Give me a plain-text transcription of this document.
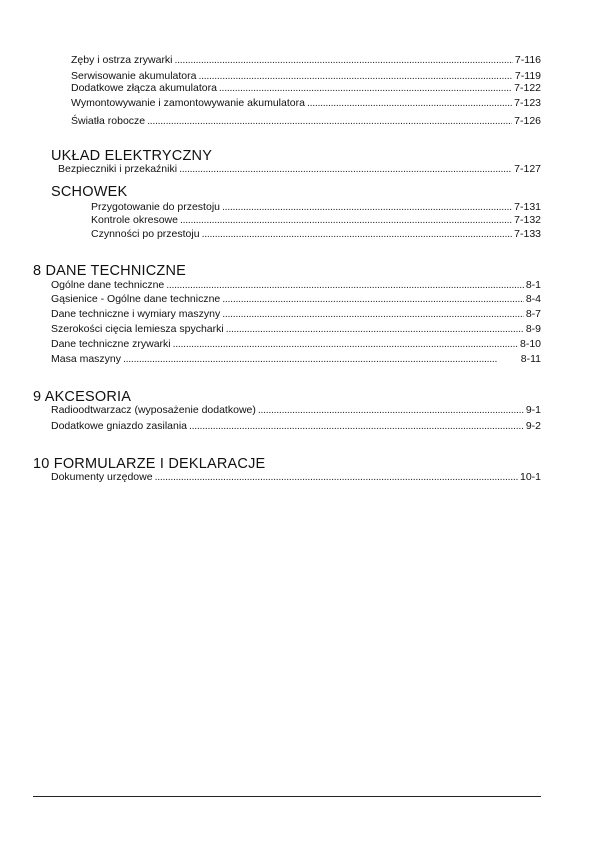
Zęby i ostrza zrywarki . . .	7-116
Serwisowanie akumulatora . . .	7-119
Dodatkowe złącza akumulatora . . .	7-122
Wymontowywanie i zamontowywanie akumulatora . . .	7-123
Światła robocze . . .	7-126
UKŁAD ELEKTRYCZNY
Bezpieczniki i przekaźniki . . .	7-127
SCHOWEK
Przygotowanie do przestoju . . .	7-131
Kontrole okresowe . . .	7-132
Czynności po przestoju . . .	7-133
8 DANE TECHNICZNE
Ogólne dane techniczne . . .	8-1
Gąsienice - Ogólne dane techniczne . . .	8-4
Dane techniczne i wymiary maszyny . . .	8-7
Szerokości cięcia lemiesza spycharki . . .	8-9
Dane techniczne zrywarki . . .	8-10
Masa maszyny . . .	8-11
9 AKCESORIA
Radioodtwarzacz (wyposażenie dodatkowe) . . .	9-1
Dodatkowe gniazdo zasilania . . .	9-2
10 FORMULARZE I DEKLARACJE
Dokumenty urzędowe . . .	10-1
